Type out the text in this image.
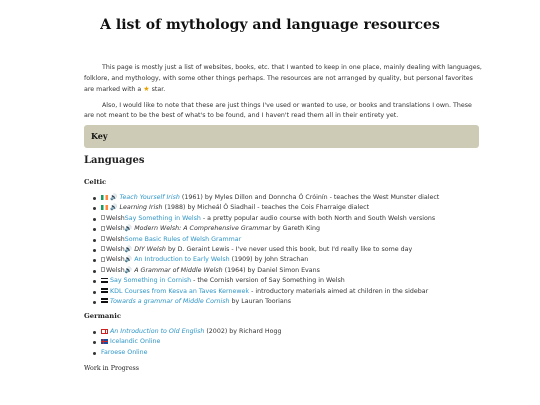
A list of mythology and language resources

This page is mostly just a list of websites, books, etc. that I wanted to keep in one place, mainly dealing with languages, folklore, and mythology, with some other things perhaps. The resources are not arranged by quality, but personal favorites are marked with a ★ star.

Also, I would like to note that these are just things I've used or wanted to use, or books and translations I own. These are not meant to be the best of what's to be found, and I haven't read them all in their entirety yet.

Key
Languages
Celtic
🔊 Teach Yourself Irish (1961) by Myles Dillon and Donncha Ó Cróinín - teaches the West Munster dialect
🔊 Learning Irish (1988) by Micheál Ó Siadhail - teaches the Cois Fharraige dialect
WelshSay Something in Welsh - a pretty popular audio course with both North and South Welsh versions
Welsh🔊 Modern Welsh: A Comprehensive Grammar by Gareth King
WelshSome Basic Rules of Welsh Grammar
Welsh🔊 DIY Welsh by D. Geraint Lewis - I've never used this book, but I'd really like to some day
Welsh🔊 An Introduction to Early Welsh (1909) by John Strachan
Welsh🔊 A Grammar of Middle Welsh (1964) by Daniel Simon Evans
Say Something in Cornish - the Cornish version of Say Something in Welsh
KDL Courses from Kesva an Taves Kernewek - introductory materials aimed at children in the sidebar
Towards a grammar of Middle Cornish by Lauran Toorians
Germanic
An Introduction to Old English (2002) by Richard Hogg
Icelandic Online
Faroese Online

Work in Progress
